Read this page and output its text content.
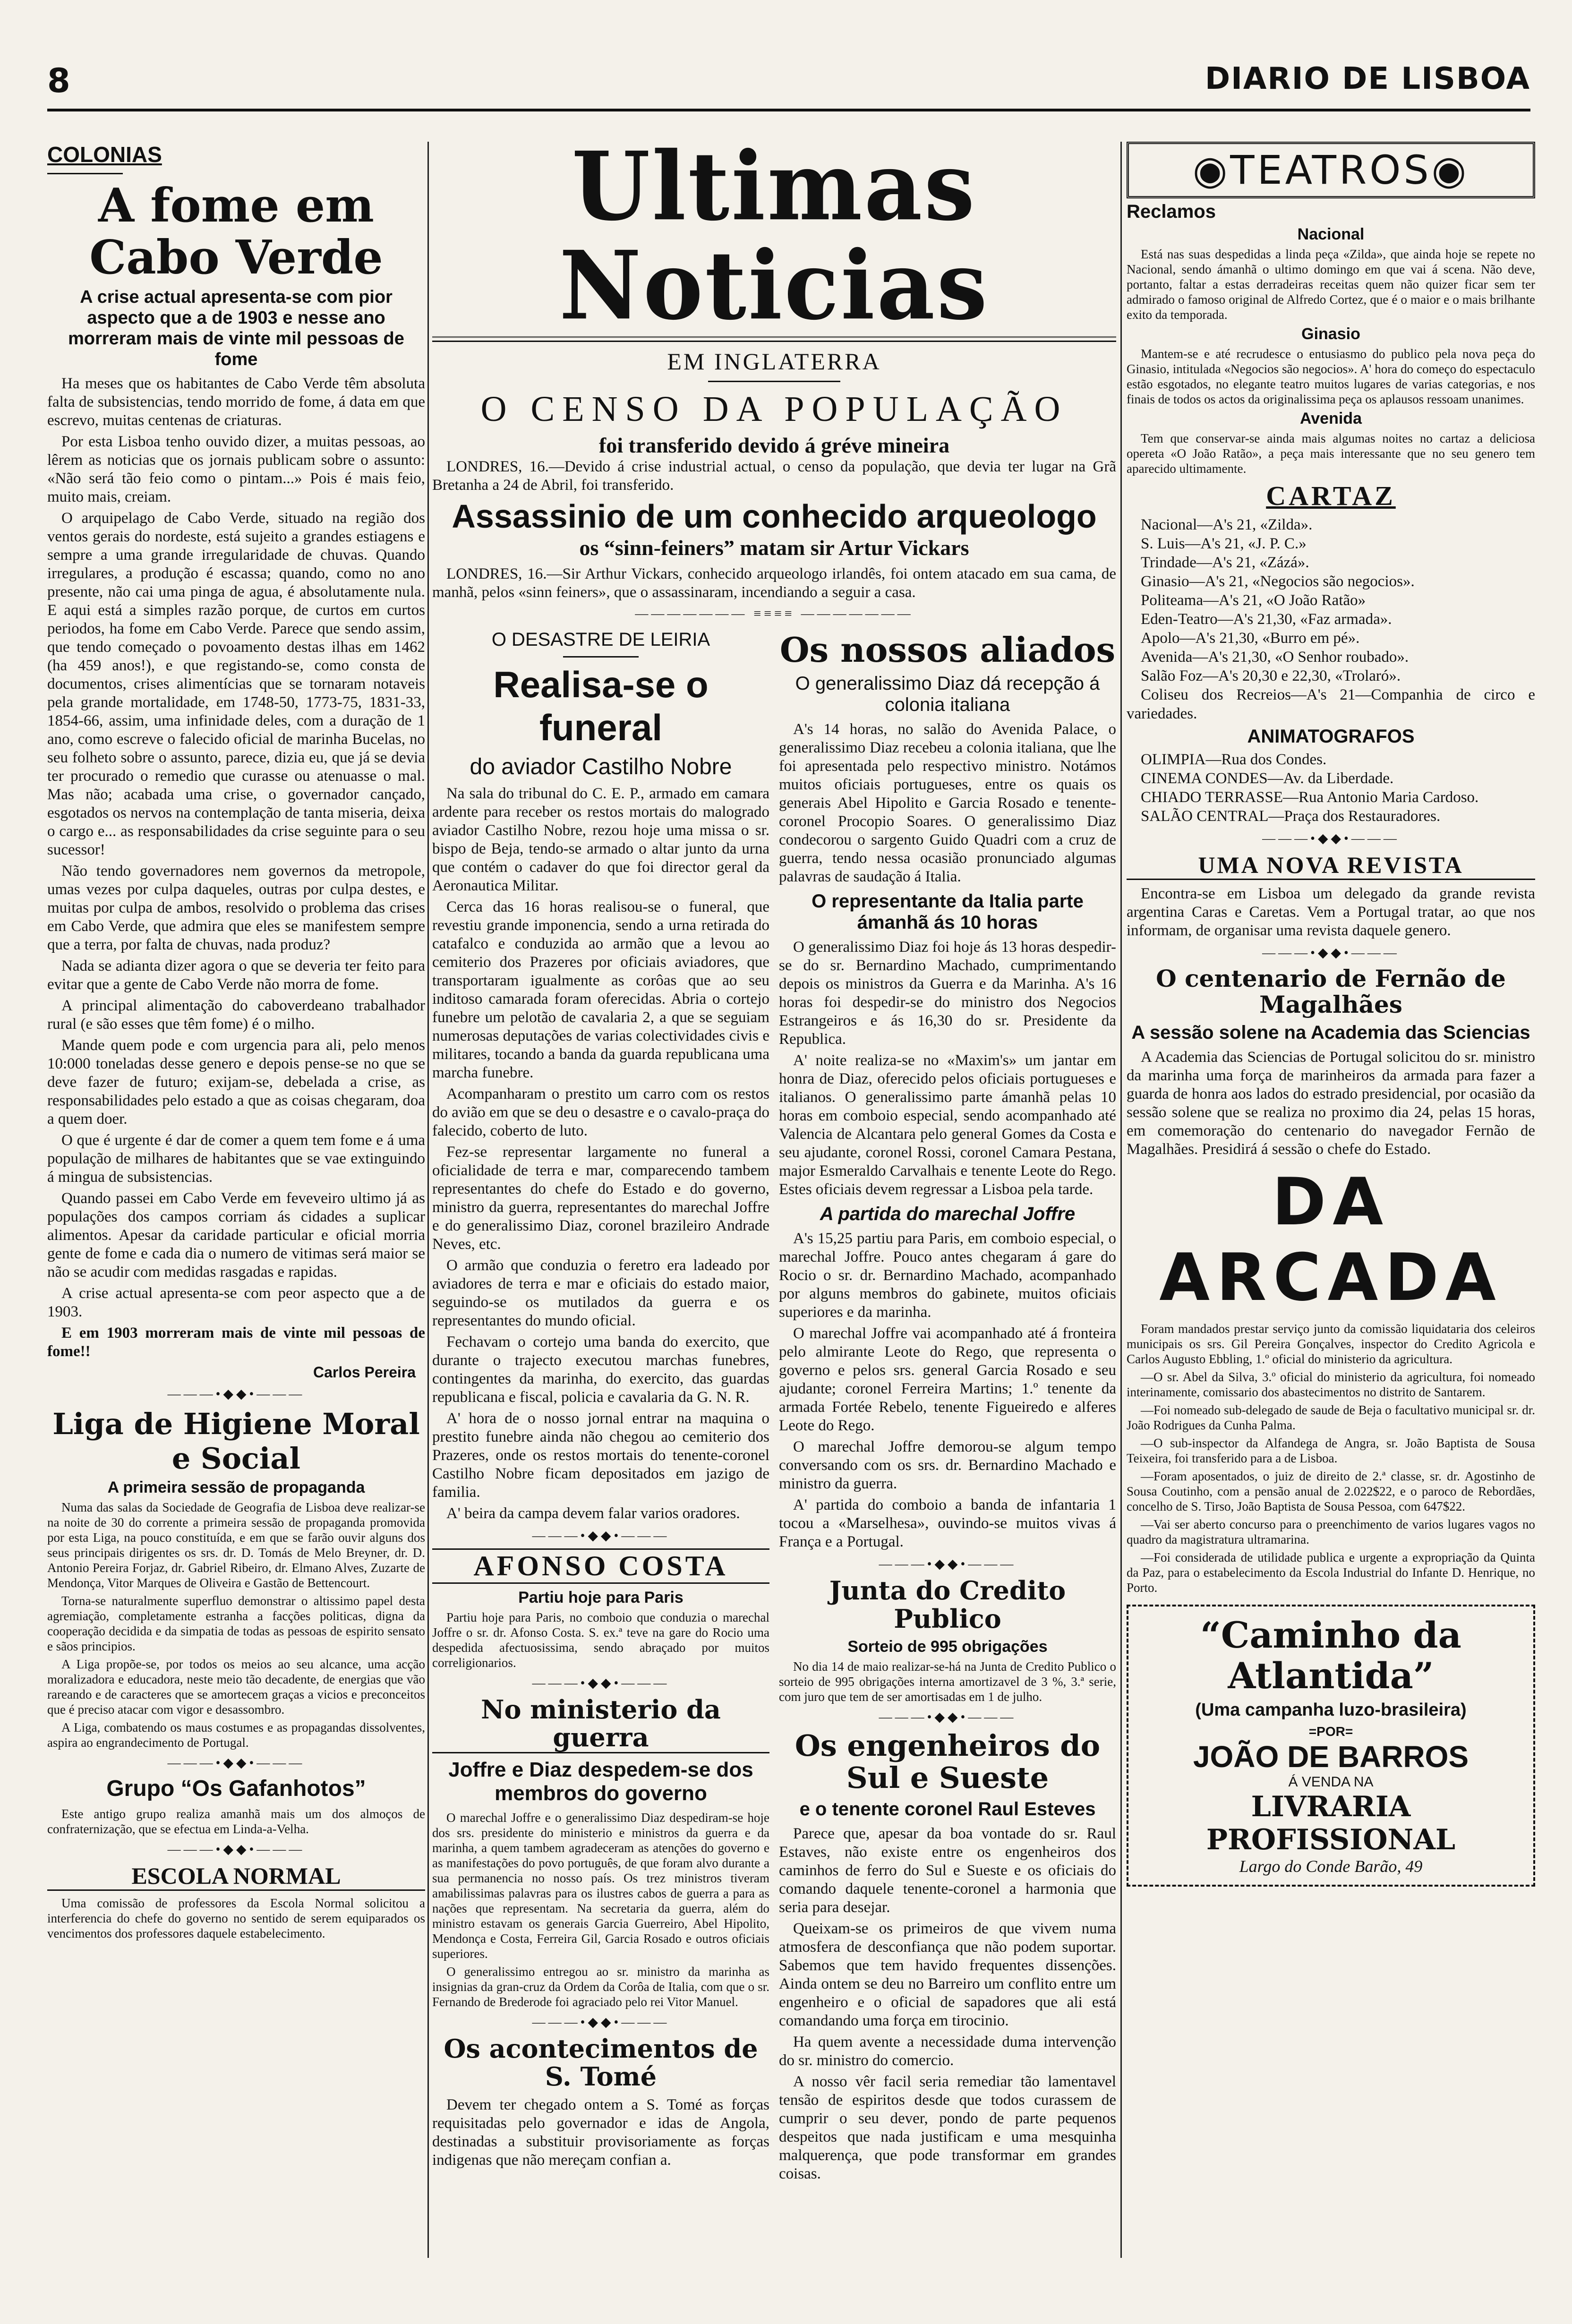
8	DIARIO DE LISBOA
COLONIAS
A fome em Cabo Verde
A crise actual apresenta-se com pior aspecto que a de 1903 e nesse ano morreram mais de vinte mil pessoas de fome

Ha meses que os habitantes de Cabo Verde têm absoluta falta de subsistencias, tendo morrido de fome, á data em que escrevo, muitas centenas de criaturas.

Por esta Lisboa tenho ouvido dizer, a muitas pessoas, ao lêrem as noticias que os jornais publicam sobre o assunto: «Não será tão feio como o pintam...» Pois é mais feio, muito mais, creiam.

O arquipelago de Cabo Verde, situado na região dos ventos gerais do nordeste, está sujeito a grandes estiagens e sempre a uma grande irregularidade de chuvas. Quando irregulares, a produção é escassa; quando, como no ano presente, não cai uma pinga de agua, é absolutamente nula. E aqui está a simples razão porque, de curtos em curtos periodos, ha fome em Cabo Verde. Parece que sendo assim, que tendo começado o povoamento destas ilhas em 1462 (ha 459 anos!), e que registando-se, como consta de documentos, crises alimentícias que se tornaram notaveis pela grande mortalidade, em 1748-50, 1773-75, 1831-33, 1854-66, assim, uma infinidade deles, com a duração de 1 ano, como escreve o falecido oficial de marinha Bucelas, no seu folheto sobre o assunto, parece, dizia eu, que já se devia ter procurado o remedio que curasse ou atenuasse o mal. Mas não; acabada uma crise, o governador cançado, esgotados os nervos na contemplação de tanta miseria, deixa o cargo e... as responsabilidades da crise seguinte para o seu sucessor!

Não tendo governadores nem governos da metropole, umas vezes por culpa daqueles, outras por culpa destes, e muitas por culpa de ambos, resolvido o problema das crises em Cabo Verde, que admira que eles se manifestem sempre que a terra, por falta de chuvas, nada produz?

Nada se adianta dizer agora o que se deveria ter feito para evitar que a gente de Cabo Verde não morra de fome.

A principal alimentação do caboverdeano trabalhador rural (e são esses que têm fome) é o milho.

Mande quem pode e com urgencia para ali, pelo menos 10:000 toneladas desse genero e depois pense-se no que se deve fazer de futuro; exijam-se, debelada a crise, as responsabilidades pelo estado a que as coisas chegaram, doa a quem doer.

O que é urgente é dar de comer a quem tem fome e á uma população de milhares de habitantes que se vae extinguindo á mingua de subsistencias.

Quando passei em Cabo Verde em feveveiro ultimo já as populações dos campos corriam ás cidades a suplicar alimentos. Apesar da caridade particular e oficial morria gente de fome e cada dia o numero de vitimas será maior se não se acudir com medidas rasgadas e rapidas.

A crise actual apresenta-se com peor aspecto que a de 1903.

E em 1903 morreram mais de vinte mil pessoas de fome!!

Carlos Pereira
———•◆◆•———
Liga de Higiene Moral e Social
A primeira sessão de propaganda

Numa das salas da Sociedade de Geografia de Lisboa deve realizar-se na noite de 30 do corrente a primeira sessão de propaganda promovida por esta Liga, na pouco constituída, e em que se farão ouvir alguns dos seus principais dirigentes os srs. dr. D. Tomás de Melo Breyner, dr. D. Antonio Pereira Forjaz, dr. Gabriel Ribeiro, dr. Elmano Alves, Zuzarte de Mendonça, Vitor Marques de Oliveira e Gastão de Bettencourt.

Torna-se naturalmente superfluo demonstrar o altissimo papel desta agremiação, completamente estranha a facções politicas, digna da cooperação decidida e da simpatia de todas as pessoas de espirito sensato e sãos principios.

A Liga propõe-se, por todos os meios ao seu alcance, uma acção moralizadora e educadora, neste meio tão decadente, de energias que vão rareando e de caracteres que se amortecem graças a vicios e preconceitos que é preciso atacar com vigor e desassombro.

A Liga, combatendo os maus costumes e as propagandas dissolventes, aspira ao engrandecimento de Portugal.

———•◆◆•———
Grupo “Os Gafanhotos”

Este antigo grupo realiza amanhã mais um dos almoços de confraternização, que se efectua em Linda-a-Velha.

———•◆◆•———
ESCOLA NORMAL

Uma comissão de professores da Escola Normal solicitou a interferencia do chefe do governo no sentido de serem equiparados os vencimentos dos professores daquele estabelecimento.

Ultimas Noticias
EM INGLATERRA
O CENSO DA POPULAÇÃO
foi transferido devido á gréve mineira

LONDRES, 16.—Devido á crise industrial actual, o censo da população, que devia ter lugar na Grã Bretanha a 24 de Abril, foi transferido.

Assassinio de um conhecido arqueologo
os “sinn-feiners” matam sir Artur Vickars

LONDRES, 16.—Sir Arthur Vickars, conhecido arqueologo irlandês, foi ontem atacado em sua cama, de manhã, pelos «sinn feiners», que o assassinaram, incendiando a seguir a casa.

——————— ≡≡≡≡ ———————
O DESASTRE DE LEIRIA
Realisa-se o funeral
do aviador Castilho Nobre

Na sala do tribunal do C. E. P., armado em camara ardente para receber os restos mortais do malogrado aviador Castilho Nobre, rezou hoje uma missa o sr. bispo de Beja, tendo-se armado o altar junto da urna que contém o cadaver do que foi director geral da Aeronautica Militar.

Cerca das 16 horas realisou-se o funeral, que revestiu grande imponencia, sendo a urna retirada do catafalco e conduzida ao armão que a levou ao cemiterio dos Prazeres por oficiais aviadores, que transportaram igualmente as corôas que ao seu inditoso camarada foram oferecidas. Abria o cortejo funebre um pelotão de cavalaria 2, a que se seguiam numerosas deputações de varias colectividades civis e militares, tocando a banda da guarda republicana uma marcha funebre.

Acompanharam o prestito um carro com os restos do avião em que se deu o desastre e o cavalo-praça do falecido, coberto de luto.

Fez-se representar largamente no funeral a oficialidade de terra e mar, comparecendo tambem representantes do chefe do Estado e do governo, ministro da guerra, representantes do marechal Joffre e do generalissimo Diaz, coronel brazileiro Andrade Neves, etc.

O armão que conduzia o feretro era ladeado por aviadores de terra e mar e oficiais do estado maior, seguindo-se os mutilados da guerra e os representantes do mundo oficial.

Fechavam o cortejo uma banda do exercito, que durante o trajecto executou marchas funebres, contingentes da marinha, do exercito, das guardas republicana e fiscal, policia e cavalaria da G. N. R.

A' hora de o nosso jornal entrar na maquina o prestito funebre ainda não chegou ao cemiterio dos Prazeres, onde os restos mortais do tenente-coronel Castilho Nobre ficam depositados em jazigo de familia.

A' beira da campa devem falar varios oradores.

———•◆◆•———
AFONSO COSTA
Partiu hoje para Paris

Partiu hoje para Paris, no comboio que conduzia o marechal Joffre o sr. dr. Afonso Costa. S. ex.ª teve na gare do Rocio uma despedida afectuosissima, sendo abraçado por muitos correligionarios.

———•◆◆•———
No ministerio da guerra
Joffre e Diaz despedem-se dos membros do governo

O marechal Joffre e o generalissimo Diaz despediram-se hoje dos srs. presidente do ministerio e ministros da guerra e da marinha, a quem tambem agradeceram as atenções do governo e as manifestações do povo português, de que foram alvo durante a sua permanencia no nosso país. Os trez ministros tiveram amabilissimas palavras para os ilustres cabos de guerra a para as nações que representam. Na secretaria da guerra, além do ministro estavam os generais Garcia Guerreiro, Abel Hipolito, Mendonça e Costa, Ferreira Gil, Garcia Rosado e outros oficiais superiores.

O generalissimo entregou ao sr. ministro da marinha as insignias da gran-cruz da Ordem da Corôa de Italia, com que o sr. Fernando de Brederode foi agraciado pelo rei Vitor Manuel.

———•◆◆•———
Os acontecimentos de S. Tomé

Devem ter chegado ontem a S. Tomé as forças requisitadas pelo governador e idas de Angola, destinadas a substituir provisoriamente as forças indigenas que não mereçam confian a.

Os nossos aliados
O generalissimo Diaz dá recepção á colonia italiana

A's 14 horas, no salão do Avenida Palace, o generalissimo Diaz recebeu a colonia italiana, que lhe foi apresentada pelo respectivo ministro. Notámos muitos oficiais portugueses, entre os quais os generais Abel Hipolito e Garcia Rosado e tenente-coronel Procopio Soares. O generalissimo Diaz condecorou o sargento Guido Quadri com a cruz de guerra, tendo nessa ocasião pronunciado algumas palavras de saudação á Italia.

O representante da Italia parte ámanhã ás 10 horas

O generalissimo Diaz foi hoje ás 13 horas despedir-se do sr. Bernardino Machado, cumprimentando depois os ministros da Guerra e da Marinha. A's 16 horas foi despedir-se do ministro dos Negocios Estrangeiros e ás 16,30 do sr. Presidente da Republica.

A' noite realiza-se no «Maxim's» um jantar em honra de Diaz, oferecido pelos oficiais portugueses e italianos. O generalissimo parte ámanhã pelas 10 horas em comboio especial, sendo acompanhado até Valencia de Alcantara pelo general Gomes da Costa e seu ajudante, coronel Rossi, coronel Camara Pestana, major Esmeraldo Carvalhais e tenente Leote do Rego. Estes oficiais devem regressar a Lisboa pela tarde.

A partida do marechal Joffre

A's 15,25 partiu para Paris, em comboio especial, o marechal Joffre. Pouco antes chegaram á gare do Rocio o sr. dr. Bernardino Machado, acompanhado por alguns membros do gabinete, muitos oficiais superiores e da marinha.

O marechal Joffre vai acompanhado até á fronteira pelo almirante Leote do Rego, que representa o governo e pelos srs. general Garcia Rosado e seu ajudante; coronel Ferreira Martins; 1.º tenente da armada Fortée Rebelo, tenente Figueiredo e alferes Leote do Rego.

O marechal Joffre demorou-se algum tempo conversando com os srs. dr. Bernardino Machado e ministro da guerra.

A' partida do comboio a banda de infantaria 1 tocou a «Marselhesa», ouvindo-se muitos vivas á França e a Portugal.

———•◆◆•———
Junta do Credito Publico
Sorteio de 995 obrigações

No dia 14 de maio realizar-se-há na Junta de Credito Publico o sorteio de 995 obrigações interna amortizavel de 3 %, 3.ª serie, com juro que tem de ser amortisadas em 1 de julho.

———•◆◆•———
Os engenheiros do Sul e Sueste
e o tenente coronel Raul Esteves

Parece que, apesar da boa vontade do sr. Raul Estaves, não existe entre os engenheiros dos caminhos de ferro do Sul e Sueste e os oficiais do comando daquele tenente-coronel a harmonia que seria para desejar.

Queixam-se os primeiros de que vivem numa atmosfera de desconfiança que não podem suportar. Sabemos que tem havido frequentes dissenções. Ainda ontem se deu no Barreiro um conflito entre um engenheiro e o oficial de sapadores que ali está comandando uma força em tirocinio.

Ha quem avente a necessidade duma intervenção do sr. ministro do comercio.

A nosso vêr facil seria remediar tão lamentavel tensão de espiritos desde que todos curassem de cumprir o seu dever, pondo de parte pequenos despeitos que nada justificam e uma mesquinha malquerença, que pode transformar em grandes coisas.

◉TEATROS◉
Reclamos
Nacional

Está nas suas despedidas a linda peça «Zilda», que ainda hoje se repete no Nacional, sendo ámanhã o ultimo domingo em que vai á scena. Não deve, portanto, faltar a estas derradeiras receitas quem não quizer ficar sem ter admirado o famoso original de Alfredo Cortez, que é o maior e o mais brilhante exito da temporada.

Ginasio

Mantem-se e até recrudesce o entusiasmo do publico pela nova peça do Ginasio, intitulada «Negocios são negocios». A' hora do começo do espectaculo estão esgotados, no elegante teatro muitos lugares de varias categorias, e nos finais de todos os actos da originalissima peça os aplausos ressoam unanimes.

Avenida

Tem que conservar-se ainda mais algumas noites no cartaz a deliciosa opereta «O João Ratão», a peça mais interessante que no seu genero tem aparecido ultimamente.

CARTAZ

Nacional—A's 21, «Zilda».

S. Luis—A's 21, «J. P. C.»

Trindade—A's 21, «Zázá».

Ginasio—A's 21, «Negocios são negocios».

Politeama—A's 21, «O João Ratão»

Eden-Teatro—A's 21,30, «Faz armada».

Apolo—A's 21,30, «Burro em pé».

Avenida—A's 21,30, «O Senhor roubado».

Salão Foz—A's 20,30 e 22,30, «Trolaró».

Coliseu dos Recreios—A's 21—Companhia de circo e variedades.

ANIMATOGRAFOS

OLIMPIA—Rua dos Condes.

CINEMA CONDES—Av. da Liberdade.

CHIADO TERRASSE—Rua Antonio Maria Cardoso.

SALÃO CENTRAL—Praça dos Restauradores.

———•◆◆•———
UMA NOVA REVISTA

Encontra-se em Lisboa um delegado da grande revista argentina Caras e Caretas. Vem a Portugal tratar, ao que nos informam, de organisar uma revista daquele genero.

———•◆◆•———
O centenario de Fernão de Magalhães
A sessão solene na Academia das Sciencias

A Academia das Sciencias de Portugal solicitou do sr. ministro da marinha uma força de marinheiros da armada para fazer a guarda de honra aos lados do estrado presidencial, por ocasião da sessão solene que se realiza no proximo dia 24, pelas 15 horas, em comemoração do centenario do navegador Fernão de Magalhães. Presidirá á sessão o chefe do Estado.

DA ARCADA

Foram mandados prestar serviço junto da comissão liquidataria dos celeiros municipais os srs. Gil Pereira Gonçalves, inspector do Credito Agricola e Carlos Augusto Ebbling, 1.º oficial do ministerio da agricultura.

—O sr. Abel da Silva, 3.º oficial do ministerio da agricultura, foi nomeado interinamente, comissario dos abastecimentos no distrito de Santarem.

—Foi nomeado sub-delegado de saude de Beja o facultativo municipal sr. dr. João Rodrigues da Cunha Palma.

—O sub-inspector da Alfandega de Angra, sr. João Baptista de Sousa Teixeira, foi transferido para a de Lisboa.

—Foram aposentados, o juiz de direito de 2.ª classe, sr. dr. Agostinho de Sousa Coutinho, com a pensão anual de 2.022$22, e o paroco de Rebordães, concelho de S. Tirso, João Baptista de Sousa Pessoa, com 647$22.

—Vai ser aberto concurso para o preenchimento de varios lugares vagos no quadro da magistratura ultramarina.

—Foi considerada de utilidade publica e urgente a expropriação da Quinta da Paz, para o estabelecimento da Escola Industrial do Infante D. Henrique, no Porto.

“Caminho da Atlantida”
(Uma campanha luzo-brasileira)
=POR=
JOÃO DE BARROS
Á VENDA NA
LIVRARIA PROFISSIONAL
Largo do Conde Barão, 49
